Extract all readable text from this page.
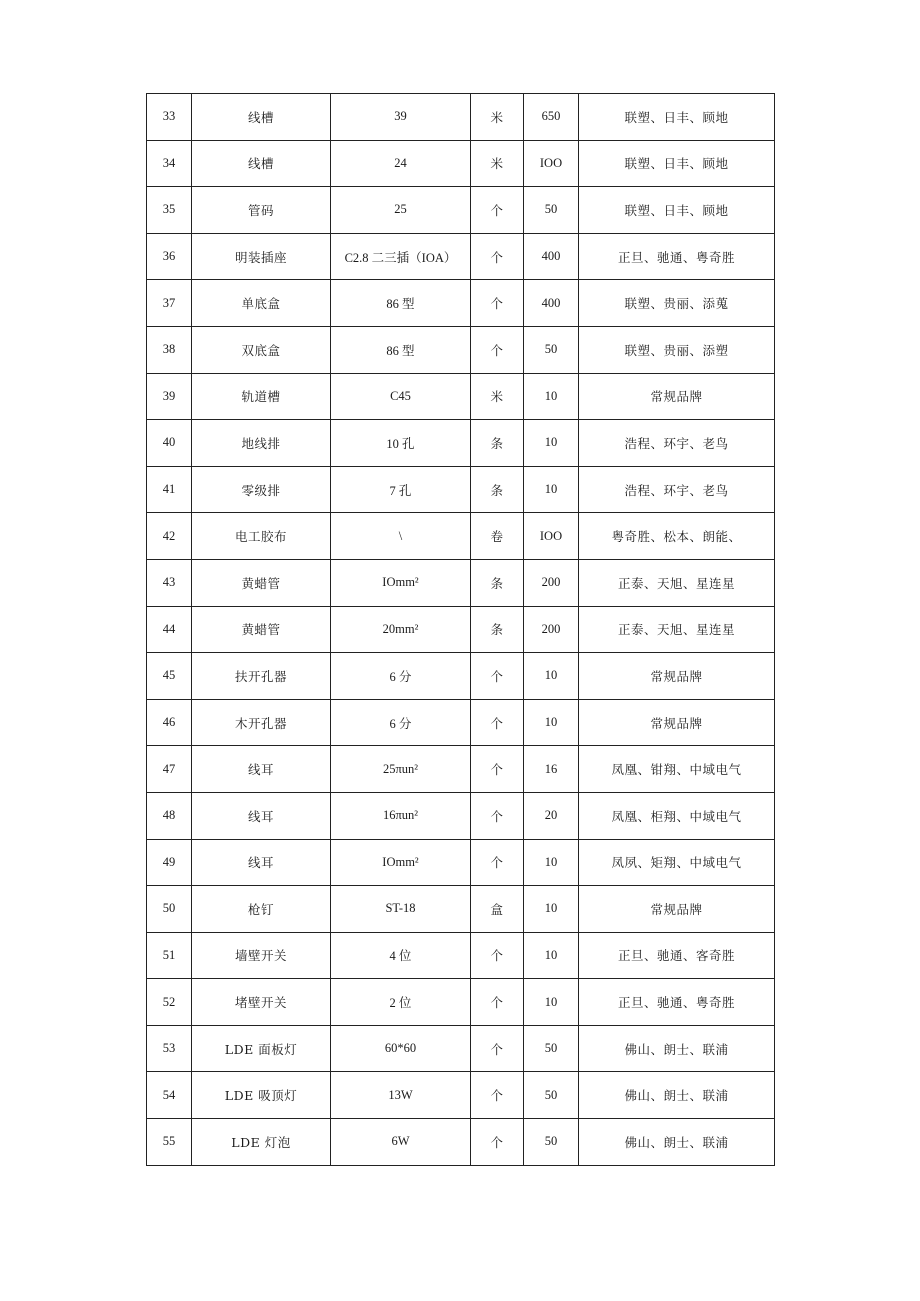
33	线槽	39	米	650	联塑、日丰、顾地
34	线槽	24	米	IOO	联塑、日丰、顾地
35	管码	25	个	50	联塑、日丰、顾地
36	明装插座	C2.8 二三插（IOA）	个	400	正旦、驰通、粤奇胜
37	单底盒	86 型	个	400	联塑、贵丽、添蒐
38	双底盒	86 型	个	50	联塑、贵丽、添塑
39	轨道槽	C45	米	10	常规品牌
40	地线排	10 孔	条	10	浩程、环宇、老鸟
41	零级排	7 孔	条	10	浩程、环宇、老鸟
42	电工胶布	\	卷	IOO	粤奇胜、松本、朗能、
43	黄蜡管	IOmm²	条	200	正泰、天旭、星连星
44	黄蜡管	20mm²	条	200	正泰、天旭、星连星
45	扶开孔器	6 分	个	10	常规品牌
46	木开孔器	6 分	个	10	常规品牌
47	线耳	25πun²	个	16	凤凰、钳翔、中域电气
48	线耳	16πun²	个	20	凤凰、柜翔、中域电气
49	线耳	IOmm²	个	10	凤夙、矩翔、中域电气
50	枪钉	ST-18	盒	10	常规品牌
51	墙壁开关	4 位	个	10	正旦、驰通、客奇胜
52	堵壁开关	2 位	个	10	正旦、驰通、粤奇胜
53	LDE 面板灯	60*60	个	50	佛山、朗士、联浦
54	LDE 吸顶灯	13W	个	50	佛山、朗士、联浦
55	LDE 灯泡	6W	个	50	佛山、朗士、联浦
